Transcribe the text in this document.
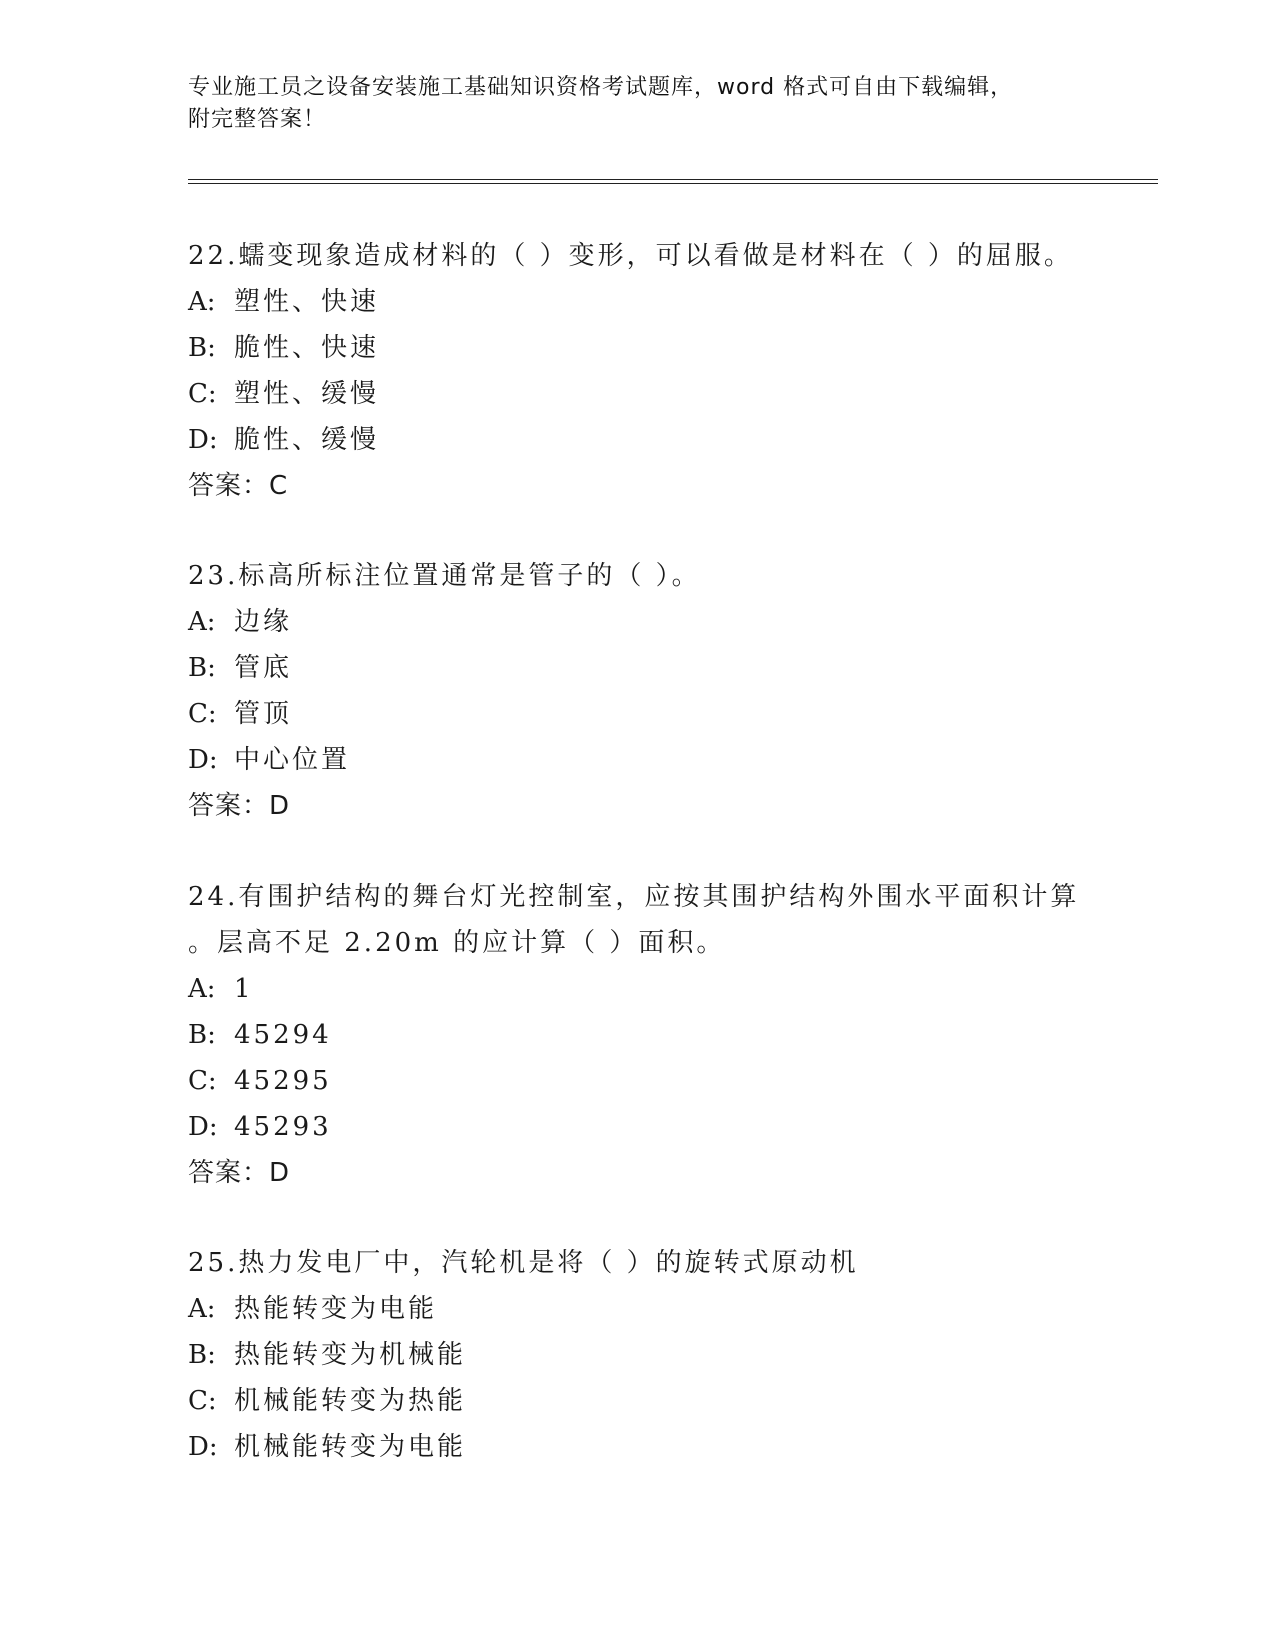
专业施工员之设备安装施工基础知识资格考试题库，word 格式可自由下载编辑，
附完整答案！

22.蠕变现象造成材料的（ ）变形，可以看做是材料在（ ）的屈服。

A: 塑性、快速

B: 脆性、快速

C: 塑性、缓慢

D: 脆性、缓慢

答案：C

23.标高所标注位置通常是管子的（ ）。

A: 边缘

B: 管底

C: 管顶

D: 中心位置

答案：D

24.有围护结构的舞台灯光控制室，应按其围护结构外围水平面积计算

。层高不足 2.20m 的应计算（ ）面积。

A: 1

B: 45294

C: 45295

D: 45293

答案：D

25.热力发电厂中，汽轮机是将（ ）的旋转式原动机

A: 热能转变为电能

B: 热能转变为机械能

C: 机械能转变为热能

D: 机械能转变为电能
